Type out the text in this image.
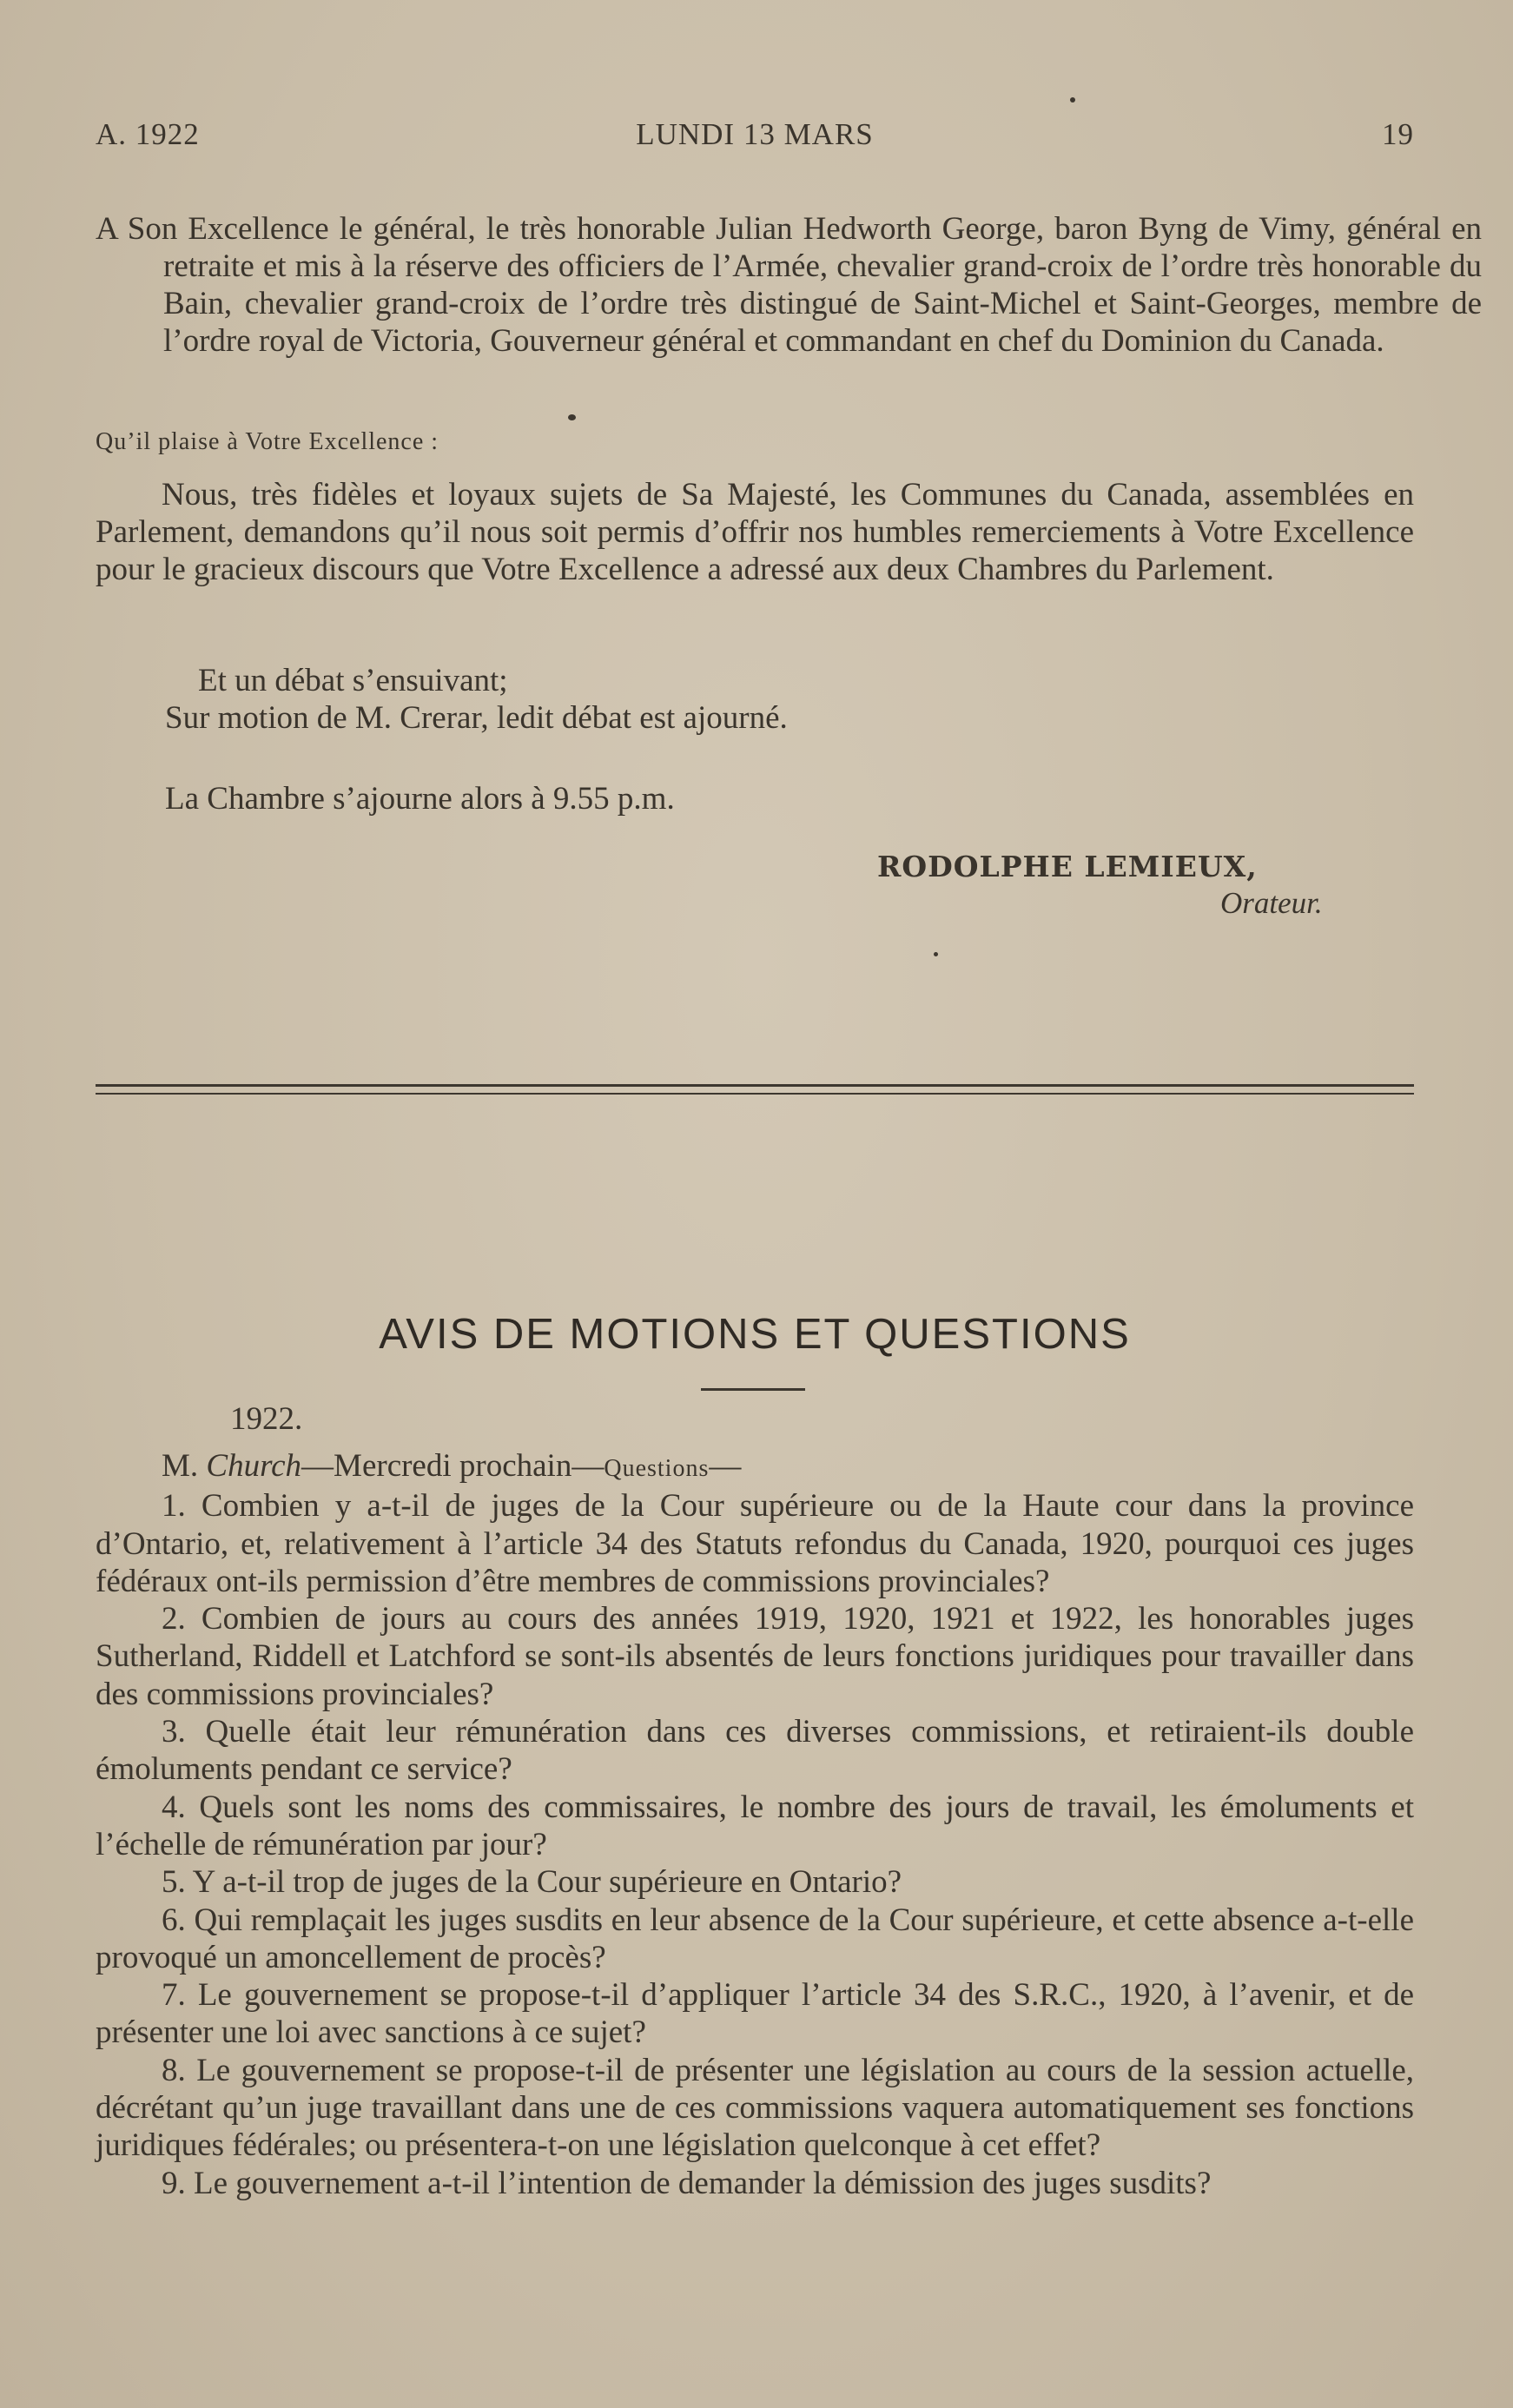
A. 1922	LUNDI 13 MARS	19
A Son Excellence le général, le très honorable Julian Hedworth George, baron Byng de Vimy, général en retraite et mis à la réserve des officiers de l’Armée, chevalier grand-croix de l’ordre très honorable du Bain, chevalier grand-croix de l’ordre très distingué de Saint-Michel et Saint-Georges, membre de l’ordre royal de Victoria, Gouverneur général et commandant en chef du Dominion du Canada.
Qu’il plaise à Votre Excellence :
Nous, très fidèles et loyaux sujets de Sa Majesté, les Communes du Canada, assemblées en Parlement, demandons qu’il nous soit permis d’offrir nos humbles remerciements à Votre Excellence pour le gracieux discours que Votre Excellence a adressé aux deux Chambres du Parlement.
Et un débat s’ensuivant;
Sur motion de M. Crerar, ledit débat est ajourné.
La Chambre s’ajourne alors à 9.55 p.m.
RODOLPHE LEMIEUX,
Orateur.
AVIS DE MOTIONS ET QUESTIONS
1922.

M. Church—Mercredi prochain—Questions—

1. Combien y a-t-il de juges de la Cour supérieure ou de la Haute cour dans la province d’Ontario, et, relativement à l’article 34 des Statuts refondus du Canada, 1920, pourquoi ces juges fédéraux ont-ils permission d’être membres de commissions provinciales?

2. Combien de jours au cours des années 1919, 1920, 1921 et 1922, les honorables juges Sutherland, Riddell et Latchford se sont-ils absentés de leurs fonctions juridiques pour travailler dans des commissions provinciales?

3. Quelle était leur rémunération dans ces diverses commissions, et retiraient-ils double émoluments pendant ce service?

4. Quels sont les noms des commissaires, le nombre des jours de travail, les émoluments et l’échelle de rémunération par jour?

5. Y a-t-il trop de juges de la Cour supérieure en Ontario?

6. Qui remplaçait les juges susdits en leur absence de la Cour supérieure, et cette absence a-t-elle provoqué un amoncellement de procès?

7. Le gouvernement se propose-t-il d’appliquer l’article 34 des S.R.C., 1920, à l’avenir, et de présenter une loi avec sanctions à ce sujet?

8. Le gouvernement se propose-t-il de présenter une législation au cours de la session actuelle, décrétant qu’un juge travaillant dans une de ces commissions vaquera automatiquement ses fonctions juridiques fédérales; ou présentera-t-on une législation quelconque à cet effet?

9. Le gouvernement a-t-il l’intention de demander la démission des juges susdits?
